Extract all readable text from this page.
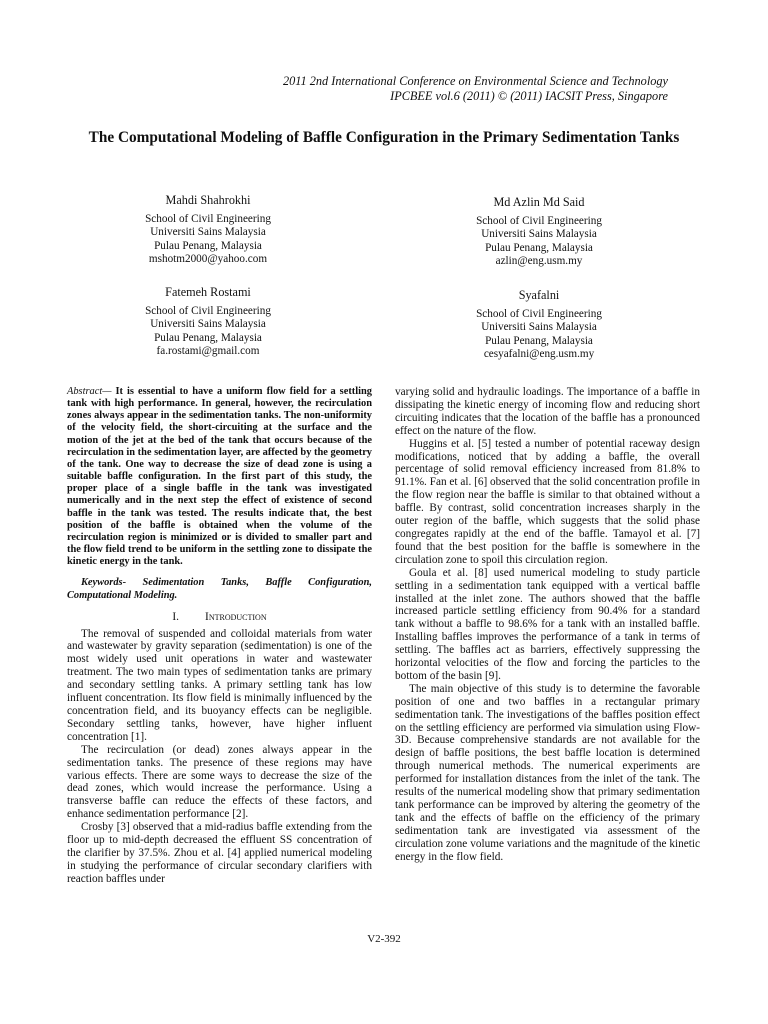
2011 2nd International Conference on Environmental Science and Technology
IPCBEE vol.6 (2011) © (2011) IACSIT Press, Singapore
The Computational Modeling of Baffle Configuration in the Primary Sedimentation Tanks
Mahdi Shahrokhi
School of Civil Engineering
Universiti Sains Malaysia
Pulau Penang, Malaysia
mshotm2000@yahoo.com
Md Azlin Md Said
School of Civil Engineering
Universiti Sains Malaysia
Pulau Penang, Malaysia
azlin@eng.usm.my
Fatemeh Rostami
School of Civil Engineering
Universiti Sains Malaysia
Pulau Penang, Malaysia
fa.rostami@gmail.com
Syafalni
School of Civil Engineering
Universiti Sains Malaysia
Pulau Penang, Malaysia
cesyafalni@eng.usm.my

Abstract— It is essential to have a uniform flow field for a settling tank with high performance. In general, however, the recirculation zones always appear in the sedimentation tanks. The non-uniformity of the velocity field, the short-circuiting at the surface and the motion of the jet at the bed of the tank that occurs because of the recirculation in the sedimentation layer, are affected by the geometry of the tank. One way to decrease the size of dead zone is using a suitable baffle configuration. In the first part of this study, the proper place of a single baffle in the tank was investigated numerically and in the next step the effect of existence of second baffle in the tank was tested. The results indicate that, the best position of the baffle is obtained when the volume of the recirculation region is minimized or is divided to smaller part and the flow field trend to be uniform in the settling zone to dissipate the kinetic energy in the tank.

Keywords- Sedimentation Tanks, Baffle Configuration, Computational Modeling.

I. Introduction

The removal of suspended and colloidal materials from water and wastewater by gravity separation (sedimentation) is one of the most widely used unit operations in water and wastewater treatment. The two main types of sedimentation tanks are primary and secondary settling tanks. A primary settling tank has low influent concentration. Its flow field is minimally influenced by the concentration field, and its buoyancy effects can be negligible. Secondary settling tanks, however, have higher influent concentration [1].

The recirculation (or dead) zones always appear in the sedimentation tanks. The presence of these regions may have various effects. There are some ways to decrease the size of the dead zones, which would increase the performance. Using a transverse baffle can reduce the effects of these factors, and enhance sedimentation performance [2].

Crosby [3] observed that a mid-radius baffle extending from the floor up to mid-depth decreased the effluent SS concentration of the clarifier by 37.5%. Zhou et al. [4] applied numerical modeling in studying the performance of circular secondary clarifiers with reaction baffles under

varying solid and hydraulic loadings. The importance of a baffle in dissipating the kinetic energy of incoming flow and reducing short circuiting indicates that the location of the baffle has a pronounced effect on the nature of the flow.

Huggins et al. [5] tested a number of potential raceway design modifications, noticed that by adding a baffle, the overall percentage of solid removal efficiency increased from 81.8% to 91.1%. Fan et al. [6] observed that the solid concentration profile in the flow region near the baffle is similar to that obtained without a baffle. By contrast, solid concentration increases sharply in the outer region of the baffle, which suggests that the solid phase congregates rapidly at the end of the baffle. Tamayol et al. [7] found that the best position for the baffle is somewhere in the circulation zone to spoil this circulation region.

Goula et al. [8] used numerical modeling to study particle settling in a sedimentation tank equipped with a vertical baffle installed at the inlet zone. The authors showed that the baffle increased particle settling efficiency from 90.4% for a standard tank without a baffle to 98.6% for a tank with an installed baffle. Installing baffles improves the performance of a tank in terms of settling. The baffles act as barriers, effectively suppressing the horizontal velocities of the flow and forcing the particles to the bottom of the basin [9].

The main objective of this study is to determine the favorable position of one and two baffles in a rectangular primary sedimentation tank. The investigations of the baffles position effect on the settling efficiency are performed via simulation using Flow-3D. Because comprehensive standards are not available for the design of baffle positions, the best baffle location is determined through numerical methods. The numerical experiments are performed for installation distances from the inlet of the tank. The results of the numerical modeling show that primary sedimentation tank performance can be improved by altering the geometry of the tank and the effects of baffle on the efficiency of the primary sedimentation tank are investigated via assessment of the circulation zone volume variations and the magnitude of the kinetic energy in the flow field.

V2-392
